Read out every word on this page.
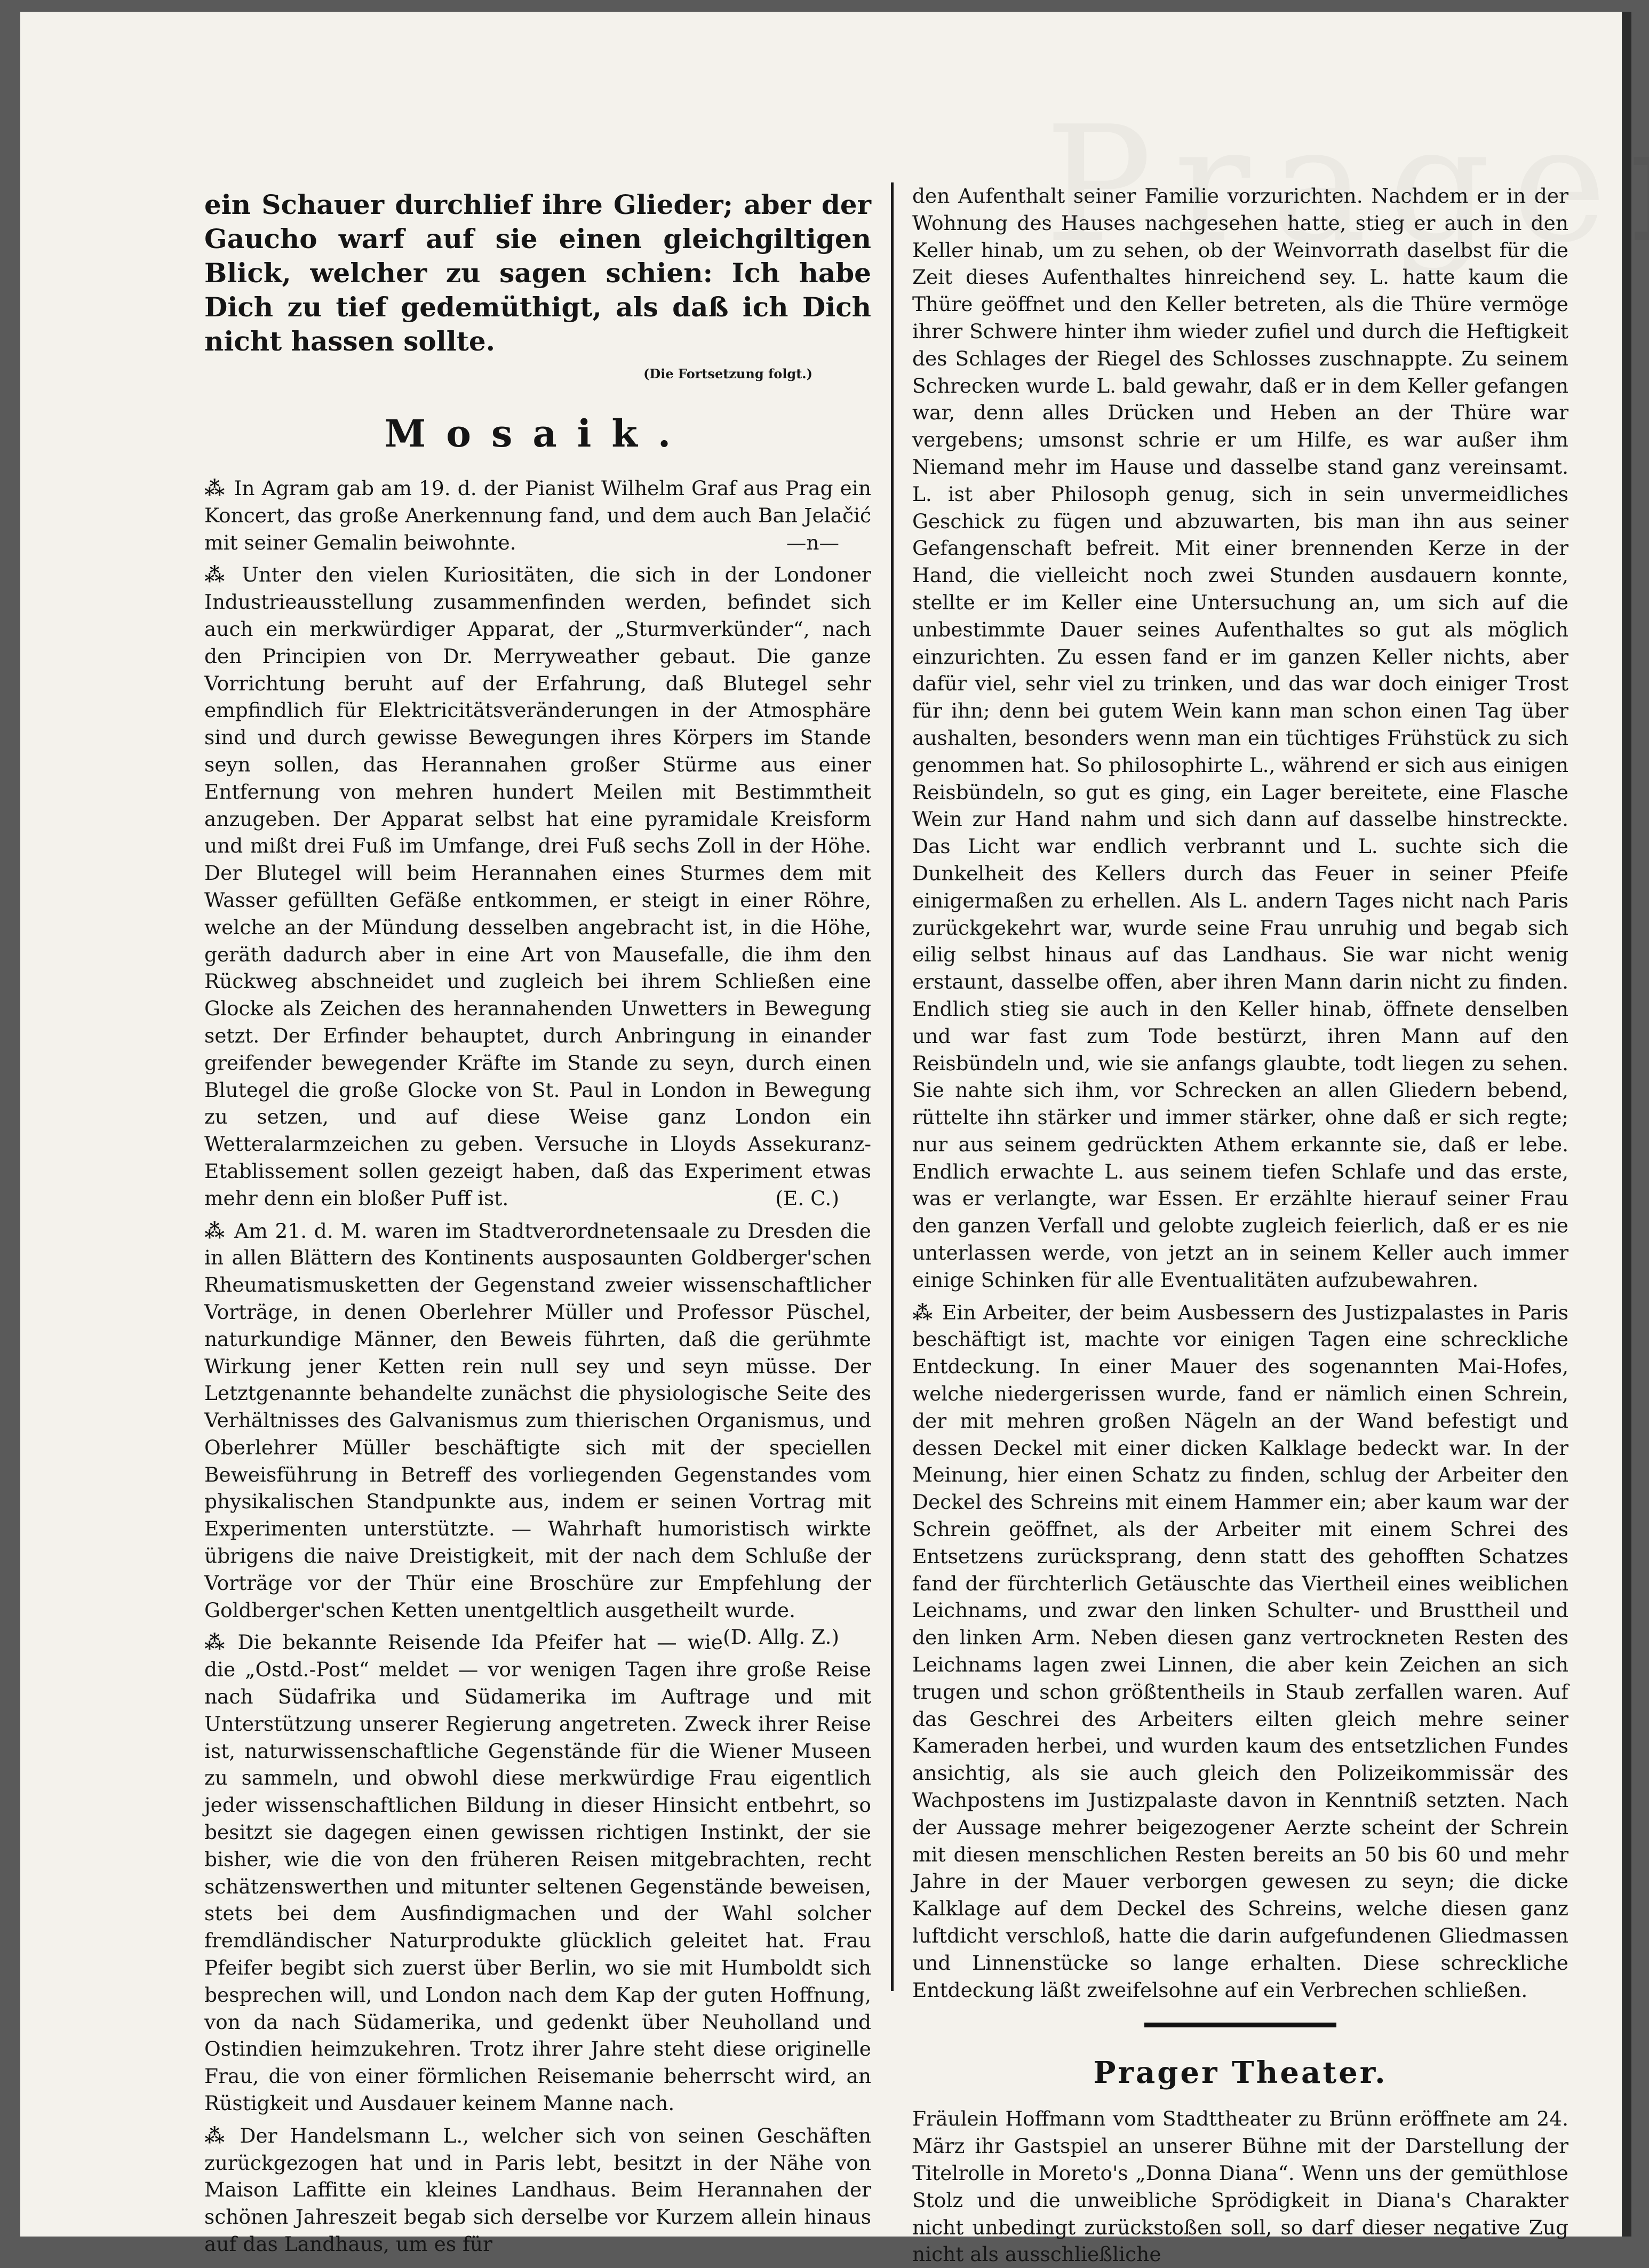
ein Schauer durchlief ihre Glieder; aber der Gaucho warf auf sie einen gleichgiltigen Blick, welcher zu sagen schien: Ich habe Dich zu tief gedemüthigt, als daß ich Dich nicht hassen sollte.

(Die Fortsetzung folgt.)
Mosaik.

⁂ In Agram gab am 19. d. der Pianist Wilhelm Graf aus Prag ein Koncert, das große Anerkennung fand, und dem auch Ban Jelačić mit seiner Gemalin beiwohnte.	—n—

⁂ Unter den vielen Kuriositäten, die sich in der Londoner Industrieausstellung zusammenfinden werden, befindet sich auch ein merkwürdiger Apparat, der „Sturmverkünder“, nach den Principien von Dr. Merryweather gebaut. Die ganze Vorrichtung beruht auf der Erfahrung, daß Blutegel sehr empfindlich für Elektricitätsveränderungen in der Atmosphäre sind und durch gewisse Bewegungen ihres Körpers im Stande seyn sollen, das Herannahen großer Stürme aus einer Entfernung von mehren hundert Meilen mit Bestimmtheit anzugeben. Der Apparat selbst hat eine pyramidale Kreisform und mißt drei Fuß im Umfange, drei Fuß sechs Zoll in der Höhe. Der Blutegel will beim Herannahen eines Sturmes dem mit Wasser gefüllten Gefäße entkommen, er steigt in einer Röhre, welche an der Mündung desselben angebracht ist, in die Höhe, geräth dadurch aber in eine Art von Mausefalle, die ihm den Rückweg abschneidet und zugleich bei ihrem Schließen eine Glocke als Zeichen des herannahenden Unwetters in Bewegung setzt. Der Erfinder behauptet, durch Anbringung in einander greifender bewegender Kräfte im Stande zu seyn, durch einen Blutegel die große Glocke von St. Paul in London in Bewegung zu setzen, und auf diese Weise ganz London ein Wetteralarmzeichen zu geben. Versuche in Lloyds Assekuranz-Etablissement sollen gezeigt haben, daß das Experiment etwas mehr denn ein bloßer Puff ist.	(E. C.)

⁂ Am 21. d. M. waren im Stadtverordnetensaale zu Dresden die in allen Blättern des Kontinents ausposaunten Goldberger'schen Rheumatismusketten der Gegenstand zweier wissenschaftlicher Vorträge, in denen Oberlehrer Müller und Professor Püschel, naturkundige Männer, den Beweis führten, daß die gerühmte Wirkung jener Ketten rein null sey und seyn müsse. Der Letztgenannte behandelte zunächst die physiologische Seite des Verhältnisses des Galvanismus zum thierischen Organismus, und Oberlehrer Müller beschäftigte sich mit der speciellen Beweisführung in Betreff des vorliegenden Gegenstandes vom physikalischen Standpunkte aus, indem er seinen Vortrag mit Experimenten unterstützte. — Wahrhaft humoristisch wirkte übrigens die naive Dreistigkeit, mit der nach dem Schluße der Vorträge vor der Thür eine Broschüre zur Empfehlung der Goldberger'schen Ketten unentgeltlich ausgetheilt wurde.
(D. Allg. Z.)

⁂ Die bekannte Reisende Ida Pfeifer hat — wie die „Ostd.-Post“ meldet — vor wenigen Tagen ihre große Reise nach Südafrika und Südamerika im Auftrage und mit Unterstützung unserer Regierung angetreten. Zweck ihrer Reise ist, naturwissenschaftliche Gegenstände für die Wiener Museen zu sammeln, und obwohl diese merkwürdige Frau eigentlich jeder wissenschaftlichen Bildung in dieser Hinsicht entbehrt, so besitzt sie dagegen einen gewissen richtigen Instinkt, der sie bisher, wie die von den früheren Reisen mitgebrachten, recht schätzenswerthen und mitunter seltenen Gegenstände beweisen, stets bei dem Ausfindigmachen und der Wahl solcher fremdländischer Naturprodukte glücklich geleitet hat. Frau Pfeifer begibt sich zuerst über Berlin, wo sie mit Humboldt sich besprechen will, und London nach dem Kap der guten Hoffnung, von da nach Südamerika, und gedenkt über Neuholland und Ostindien heimzukehren. Trotz ihrer Jahre steht diese originelle Frau, die von einer förmlichen Reisemanie beherrscht wird, an Rüstigkeit und Ausdauer keinem Manne nach.

⁂ Der Handelsmann L., welcher sich von seinen Geschäften zurückgezogen hat und in Paris lebt, besitzt in der Nähe von Maison Laffitte ein kleines Landhaus. Beim Herannahen der schönen Jahreszeit begab sich derselbe vor Kurzem allein hinaus auf das Landhaus, um es für

den Aufenthalt seiner Familie vorzurichten. Nachdem er in der Wohnung des Hauses nachgesehen hatte, stieg er auch in den Keller hinab, um zu sehen, ob der Weinvorrath daselbst für die Zeit dieses Aufenthaltes hinreichend sey. L. hatte kaum die Thüre geöffnet und den Keller betreten, als die Thüre vermöge ihrer Schwere hinter ihm wieder zufiel und durch die Heftigkeit des Schlages der Riegel des Schlosses zuschnappte. Zu seinem Schrecken wurde L. bald gewahr, daß er in dem Keller gefangen war, denn alles Drücken und Heben an der Thüre war vergebens; umsonst schrie er um Hilfe, es war außer ihm Niemand mehr im Hause und dasselbe stand ganz vereinsamt. L. ist aber Philosoph genug, sich in sein unvermeidliches Geschick zu fügen und abzuwarten, bis man ihn aus seiner Gefangenschaft befreit. Mit einer brennenden Kerze in der Hand, die vielleicht noch zwei Stunden ausdauern konnte, stellte er im Keller eine Untersuchung an, um sich auf die unbestimmte Dauer seines Aufenthaltes so gut als möglich einzurichten. Zu essen fand er im ganzen Keller nichts, aber dafür viel, sehr viel zu trinken, und das war doch einiger Trost für ihn; denn bei gutem Wein kann man schon einen Tag über aushalten, besonders wenn man ein tüchtiges Frühstück zu sich genommen hat. So philosophirte L., während er sich aus einigen Reisbündeln, so gut es ging, ein Lager bereitete, eine Flasche Wein zur Hand nahm und sich dann auf dasselbe hinstreckte. Das Licht war endlich verbrannt und L. suchte sich die Dunkelheit des Kellers durch das Feuer in seiner Pfeife einigermaßen zu erhellen. Als L. andern Tages nicht nach Paris zurückgekehrt war, wurde seine Frau unruhig und begab sich eilig selbst hinaus auf das Landhaus. Sie war nicht wenig erstaunt, dasselbe offen, aber ihren Mann darin nicht zu finden. Endlich stieg sie auch in den Keller hinab, öffnete denselben und war fast zum Tode bestürzt, ihren Mann auf den Reisbündeln und, wie sie anfangs glaubte, todt liegen zu sehen. Sie nahte sich ihm, vor Schrecken an allen Gliedern bebend, rüttelte ihn stärker und immer stärker, ohne daß er sich regte; nur aus seinem gedrückten Athem erkannte sie, daß er lebe. Endlich erwachte L. aus seinem tiefen Schlafe und das erste, was er verlangte, war Essen. Er erzählte hierauf seiner Frau den ganzen Verfall und gelobte zugleich feierlich, daß er es nie unterlassen werde, von jetzt an in seinem Keller auch immer einige Schinken für alle Eventualitäten aufzubewahren.

⁂ Ein Arbeiter, der beim Ausbessern des Justizpalastes in Paris beschäftigt ist, machte vor einigen Tagen eine schreckliche Entdeckung. In einer Mauer des sogenannten Mai-Hofes, welche niedergerissen wurde, fand er nämlich einen Schrein, der mit mehren großen Nägeln an der Wand befestigt und dessen Deckel mit einer dicken Kalklage bedeckt war. In der Meinung, hier einen Schatz zu finden, schlug der Arbeiter den Deckel des Schreins mit einem Hammer ein; aber kaum war der Schrein geöffnet, als der Arbeiter mit einem Schrei des Entsetzens zurücksprang, denn statt des gehofften Schatzes fand der fürchterlich Getäuschte das Viertheil eines weiblichen Leichnams, und zwar den linken Schulter- und Brusttheil und den linken Arm. Neben diesen ganz vertrockneten Resten des Leichnams lagen zwei Linnen, die aber kein Zeichen an sich trugen und schon größtentheils in Staub zerfallen waren. Auf das Geschrei des Arbeiters eilten gleich mehre seiner Kameraden herbei, und wurden kaum des entsetzlichen Fundes ansichtig, als sie auch gleich den Polizeikommissär des Wachpostens im Justizpalaste davon in Kenntniß setzten. Nach der Aussage mehrer beigezogener Aerzte scheint der Schrein mit diesen menschlichen Resten bereits an 50 bis 60 und mehr Jahre in der Mauer verborgen gewesen zu seyn; die dicke Kalklage auf dem Deckel des Schreins, welche diesen ganz luftdicht verschloß, hatte die darin aufgefundenen Gliedmassen und Linnenstücke so lange erhalten. Diese schreckliche Entdeckung läßt zweifelsohne auf ein Verbrechen schließen.

Prager Theater.

Fräulein Hoffmann vom Stadttheater zu Brünn eröffnete am 24. März ihr Gastspiel an unserer Bühne mit der Darstellung der Titelrolle in Moreto's „Donna Diana“. Wenn uns der gemüthlose Stolz und die unweibliche Sprödigkeit in Diana's Charakter nicht unbedingt zurückstoßen soll, so darf dieser negative Zug nicht als ausschließliche
